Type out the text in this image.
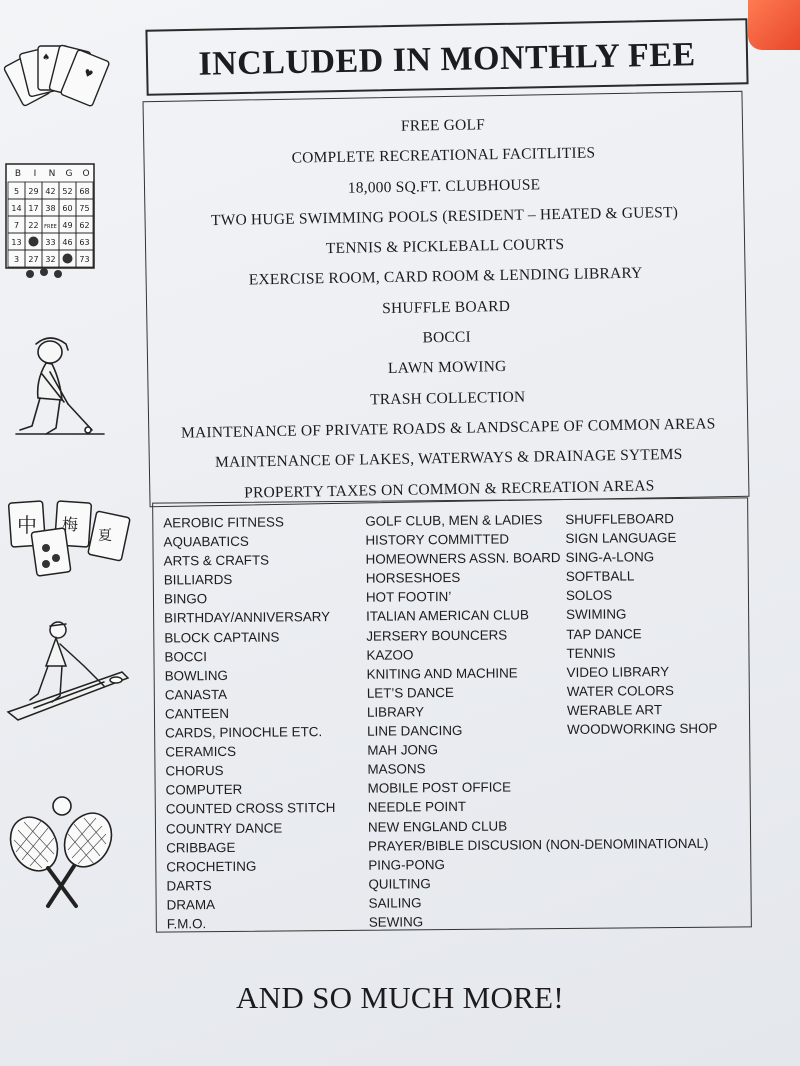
♠
♥
B I N G O
5 29 42 52 68
14 17 38 60 75
7 22 FREE 49 62
13	33 46 63
3 27 32	73
中 梅
夏
INCLUDED IN MONTHLY FEE
FREE GOLF
COMPLETE RECREATIONAL FACITLITIES
18,000 SQ.FT. CLUBHOUSE
TWO HUGE SWIMMING POOLS (RESIDENT – HEATED & GUEST)
TENNIS & PICKLEBALL COURTS
EXERCISE ROOM, CARD ROOM & LENDING LIBRARY
SHUFFLE BOARD
BOCCI
LAWN MOWING
TRASH COLLECTION
MAINTENANCE OF PRIVATE ROADS & LANDSCAPE OF COMMON AREAS
MAINTENANCE OF LAKES, WATERWAYS & DRAINAGE SYTEMS
PROPERTY TAXES ON COMMON & RECREATION AREAS
AEROBIC FITNESS
AQUABATICS
ARTS & CRAFTS
BILLIARDS
BINGO
BIRTHDAY/ANNIVERSARY
BLOCK CAPTAINS
BOCCI
BOWLING
CANASTA
CANTEEN
CARDS, PINOCHLE ETC.
CERAMICS
CHORUS
COMPUTER
COUNTED CROSS STITCH
COUNTRY DANCE
CRIBBAGE
CROCHETING
DARTS
DRAMA
F.M.O.
GOLF CLUB, MEN & LADIES
HISTORY COMMITTED
HOMEOWNERS ASSN. BOARD
HORSESHOES
HOT FOOTIN’
ITALIAN AMERICAN CLUB
JERSERY BOUNCERS
KAZOO
KNITING AND MACHINE
LET’S DANCE
LIBRARY
LINE DANCING
MAH JONG
MASONS
MOBILE POST OFFICE
NEEDLE POINT
NEW ENGLAND CLUB
PRAYER/BIBLE DISCUSION (NON-DENOMINATIONAL)
PING-PONG
QUILTING
SAILING
SEWING
SHUFFLEBOARD
SIGN LANGUAGE
SING-A-LONG
SOFTBALL
SOLOS
SWIMING
TAP DANCE
TENNIS
VIDEO LIBRARY
WATER COLORS
WERABLE ART
WOODWORKING SHOP
AND SO MUCH MORE!
